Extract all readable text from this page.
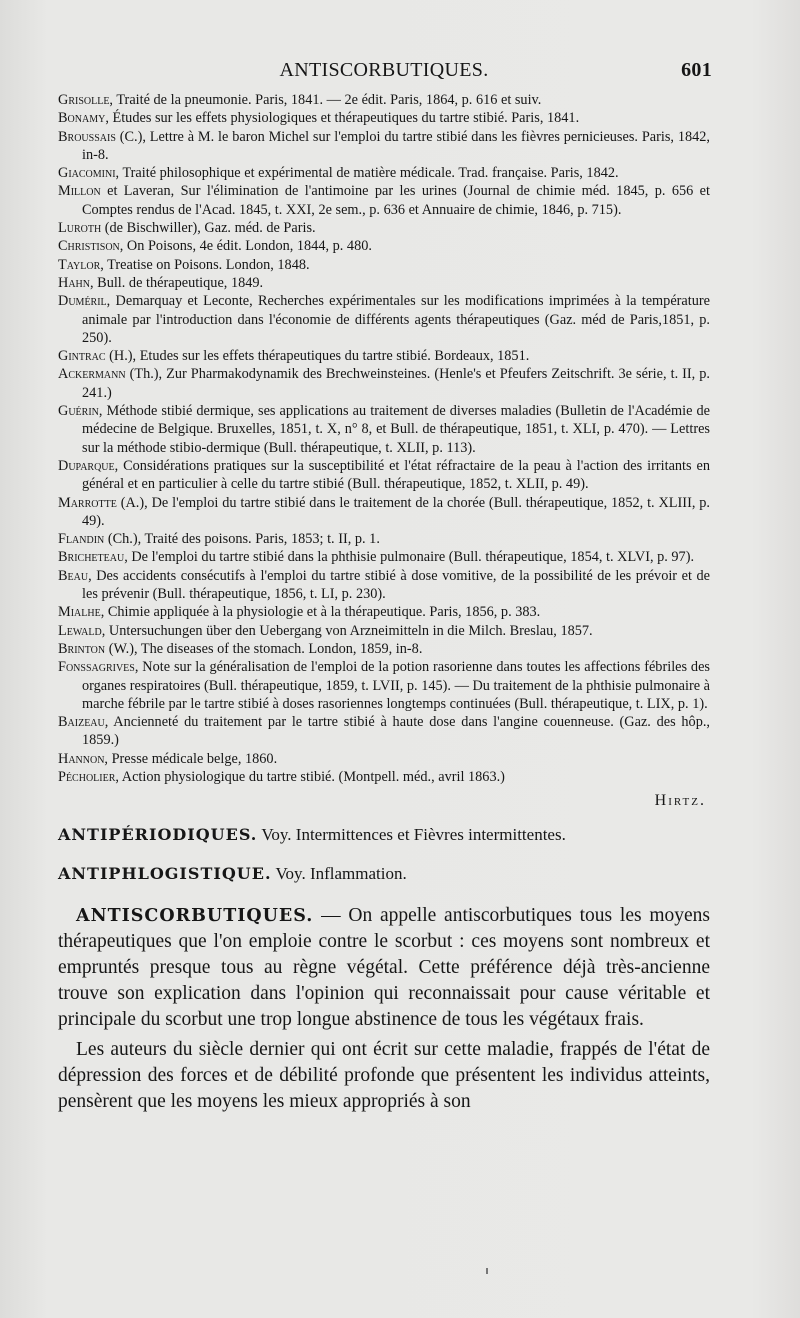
ANTISCORBUTIQUES.	601

Grisolle, Traité de la pneumonie. Paris, 1841. — 2e édit. Paris, 1864, p. 616 et suiv.

Bonamy, Études sur les effets physiologiques et thérapeutiques du tartre stibié. Paris, 1841.

Broussais (C.), Lettre à M. le baron Michel sur l'emploi du tartre stibié dans les fièvres pernicieuses. Paris, 1842, in-8.

Giacomini, Traité philosophique et expérimental de matière médicale. Trad. française. Paris, 1842.

Millon et Laveran, Sur l'élimination de l'antimoine par les urines (Journal de chimie méd. 1845, p. 656 et Comptes rendus de l'Acad. 1845, t. XXI, 2e sem., p. 636 et Annuaire de chimie, 1846, p. 715).

Luroth (de Bischwiller), Gaz. méd. de Paris.

Christison, On Poisons, 4e édit. London, 1844, p. 480.

Taylor, Treatise on Poisons. London, 1848.

Hahn, Bull. de thérapeutique, 1849.

Duméril, Demarquay et Leconte, Recherches expérimentales sur les modifications imprimées à la température animale par l'introduction dans l'économie de différents agents thérapeutiques (Gaz. méd de Paris,1851, p. 250).

Gintrac (H.), Etudes sur les effets thérapeutiques du tartre stibié. Bordeaux, 1851.

Ackermann (Th.), Zur Pharmakodynamik des Brechweinsteines. (Henle's et Pfeufers Zeitschrift. 3e série, t. II, p. 241.)

Guérin, Méthode stibié dermique, ses applications au traitement de diverses maladies (Bulletin de l'Académie de médecine de Belgique. Bruxelles, 1851, t. X, n° 8, et Bull. de thérapeutique, 1851, t. XLI, p. 470). — Lettres sur la méthode stibio-dermique (Bull. thérapeutique, t. XLII, p. 113).

Duparque, Considérations pratiques sur la susceptibilité et l'état réfractaire de la peau à l'action des irritants en général et en particulier à celle du tartre stibié (Bull. thérapeutique, 1852, t. XLII, p. 49).

Marrotte (A.), De l'emploi du tartre stibié dans le traitement de la chorée (Bull. thérapeutique, 1852, t. XLIII, p. 49).

Flandin (Ch.), Traité des poisons. Paris, 1853; t. II, p. 1.

Bricheteau, De l'emploi du tartre stibié dans la phthisie pulmonaire (Bull. thérapeutique, 1854, t. XLVI, p. 97).

Beau, Des accidents consécutifs à l'emploi du tartre stibié à dose vomitive, de la possibilité de les prévoir et de les prévenir (Bull. thérapeutique, 1856, t. LI, p. 230).

Mialhe, Chimie appliquée à la physiologie et à la thérapeutique. Paris, 1856, p. 383.

Lewald, Untersuchungen über den Uebergang von Arzneimitteln in die Milch. Breslau, 1857.

Brinton (W.), The diseases of the stomach. London, 1859, in-8.

Fonssagrives, Note sur la généralisation de l'emploi de la potion rasorienne dans toutes les affections fébriles des organes respiratoires (Bull. thérapeutique, 1859, t. LVII, p. 145). — Du traitement de la phthisie pulmonaire à marche fébrile par le tartre stibié à doses rasoriennes longtemps continuées (Bull. thérapeutique, t. LIX, p. 1).

Baizeau, Ancienneté du traitement par le tartre stibié à haute dose dans l'angine couenneuse. (Gaz. des hôp., 1859.)

Hannon, Presse médicale belge, 1860.

Pécholier, Action physiologique du tartre stibié. (Montpell. méd., avril 1863.)

Hirtz.

ANTIPÉRIODIQUES. Voy. Intermittences et Fièvres intermittentes.

ANTIPHLOGISTIQUE. Voy. Inflammation.

ANTISCORBUTIQUES. — On appelle antiscorbutiques tous les moyens thérapeutiques que l'on emploie contre le scorbut : ces moyens sont nombreux et empruntés presque tous au règne végétal. Cette préférence déjà très-ancienne trouve son explication dans l'opinion qui reconnaissait pour cause véritable et principale du scorbut une trop longue abstinence de tous les végétaux frais.

Les auteurs du siècle dernier qui ont écrit sur cette maladie, frappés de l'état de dépression des forces et de débilité profonde que présentent les individus atteints, pensèrent que les moyens les mieux appropriés à son
